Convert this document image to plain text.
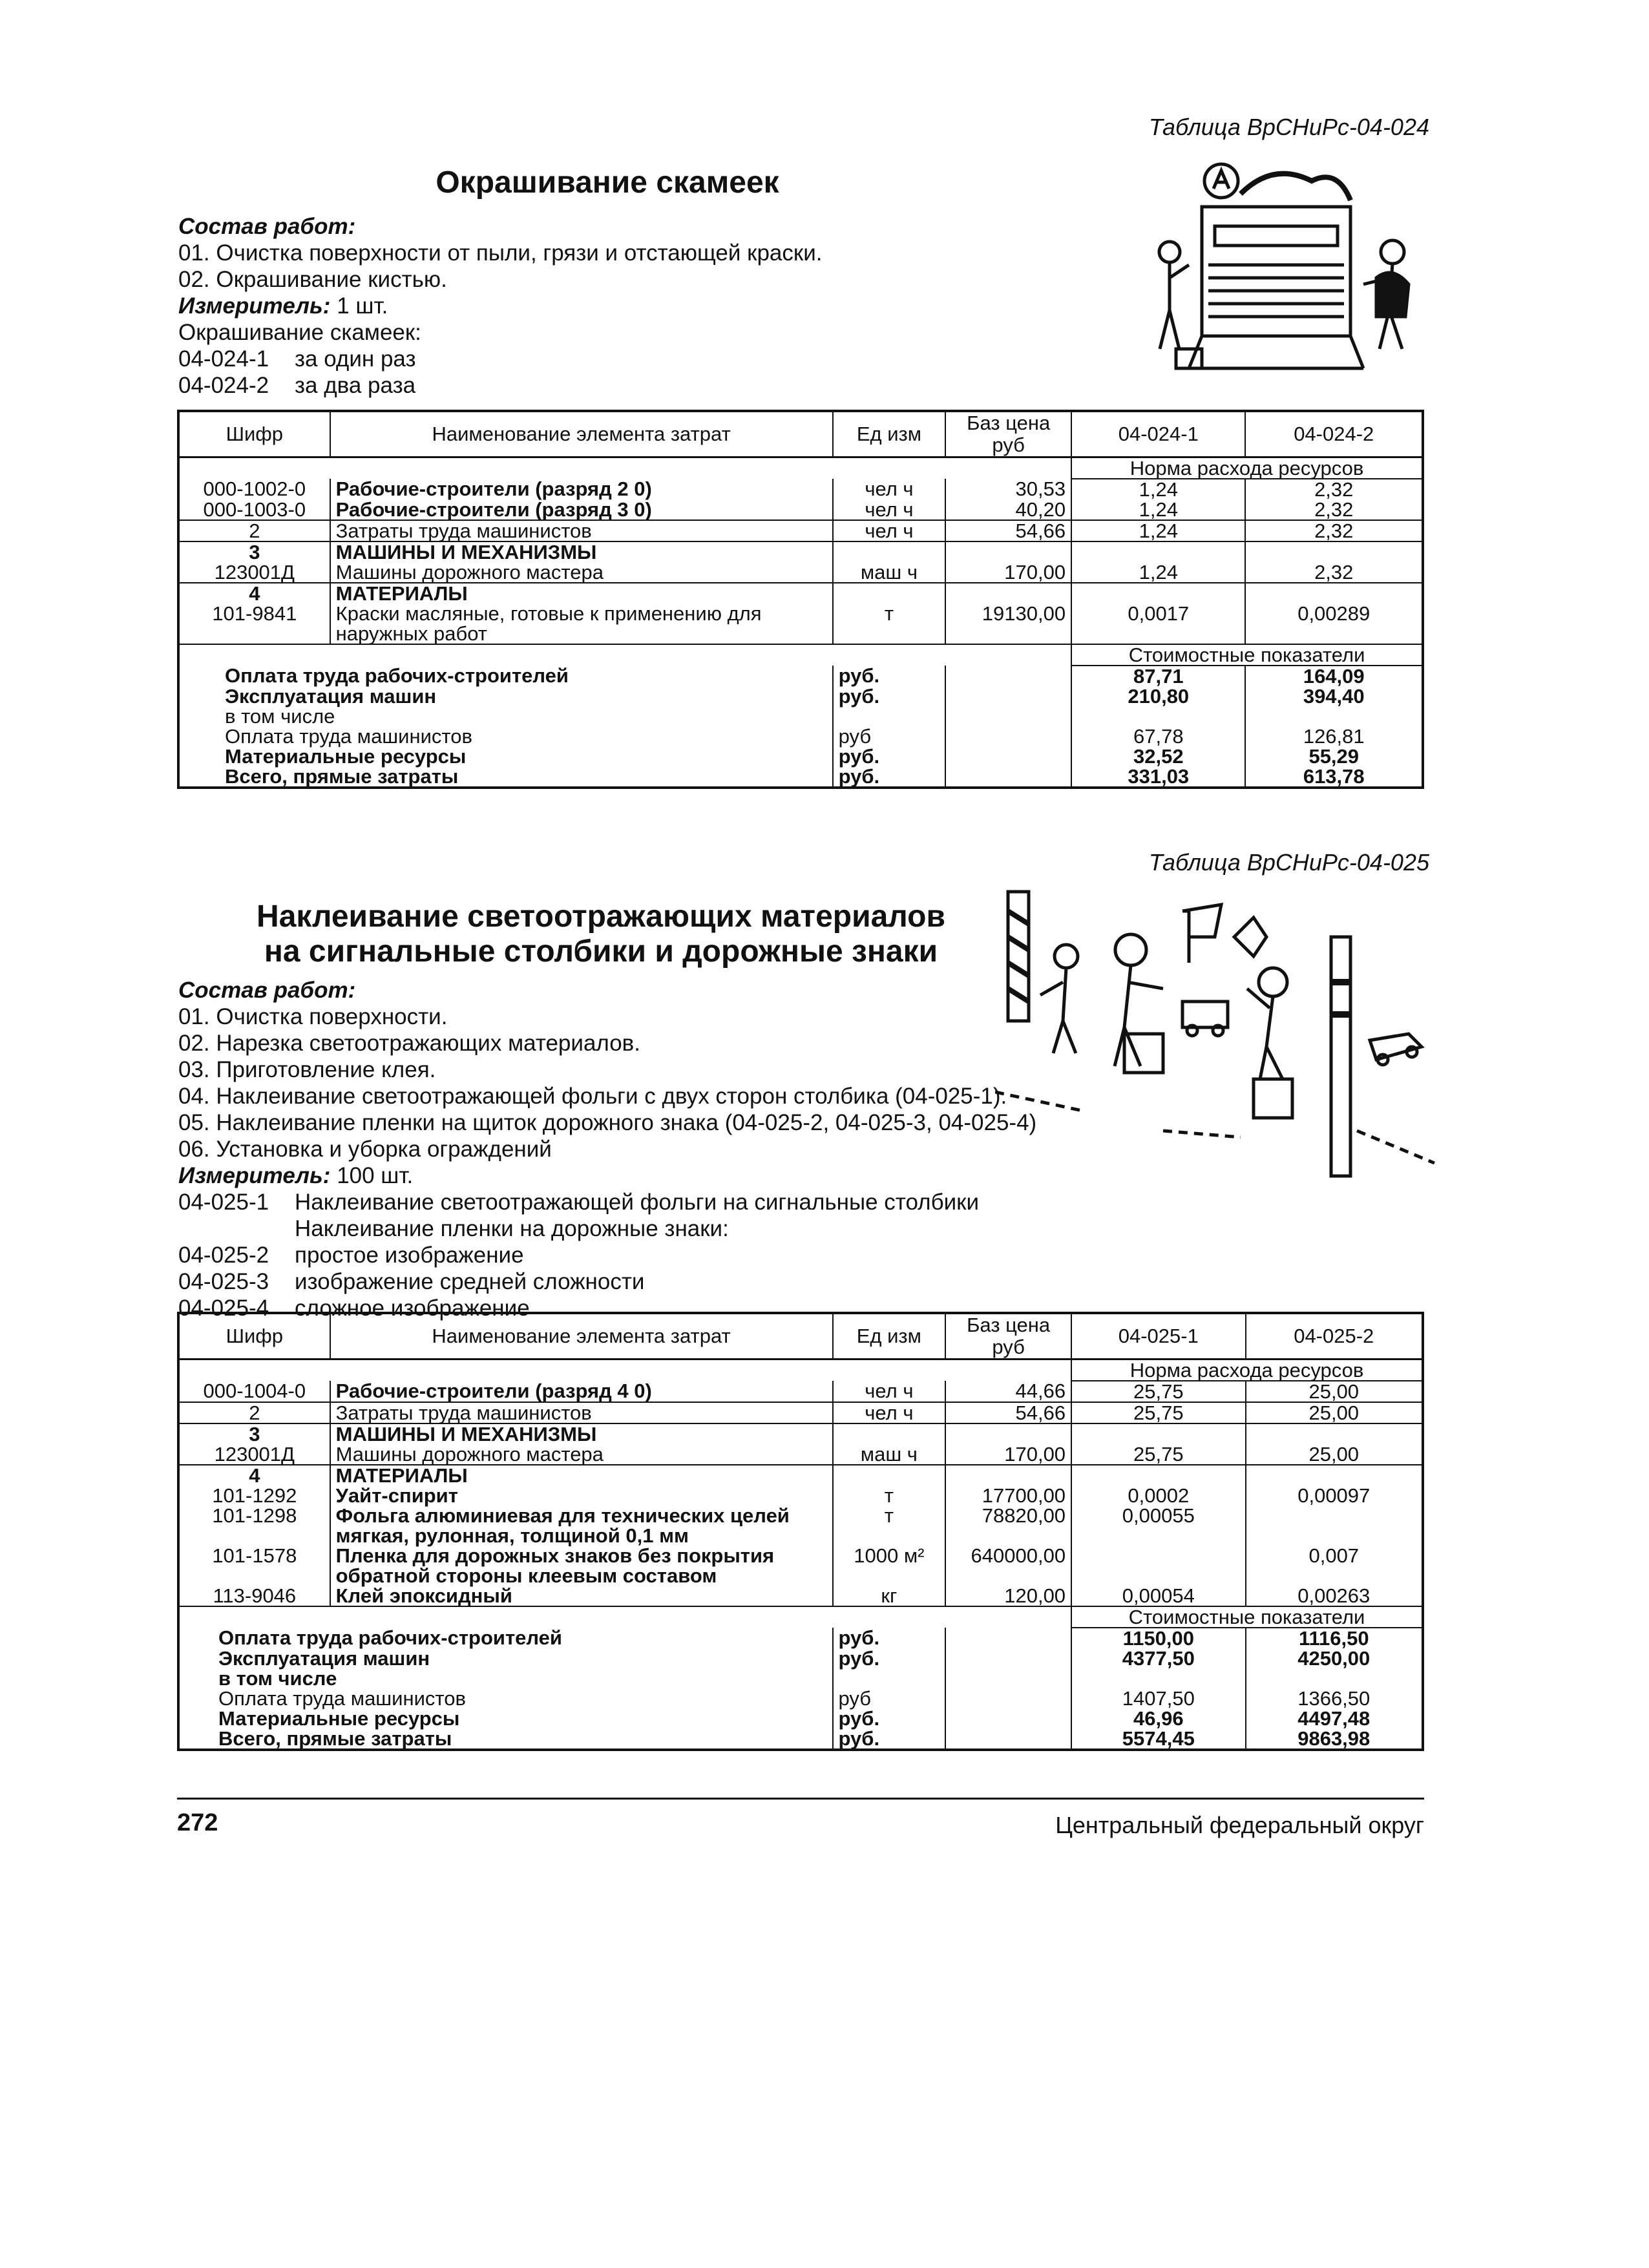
Таблица ВрСНиРс-04-024
Окрашивание скамеек
Состав работ:
01. Очистка поверхности от пыли, грязи и отстающей краски.
02. Окрашивание кистью.
Измеритель: 1 шт.
Окрашивание скамеек:
04-024-1 за один раз
04-024-2 за два раза
Шифр	Наименование элемента затрат	Ед изм	Баз цена руб	04-024-1	04-024-2
				Норма расхода ресурсов	
000-1002-0	Рабочие-строители (разряд 2 0)	чел ч	30,53	1,24	2,32
000-1003-0	Рабочие-строители (разряд 3 0)	чел ч	40,20	1,24	2,32
2	Затраты труда машинистов	чел ч	54,66	1,24	2,32
3	МАШИНЫ И МЕХАНИЗМЫ				
123001Д	Машины дорожного мастера	маш ч	170,00	1,24	2,32
4	МАТЕРИАЛЫ				
101-9841	Краски масляные, готовые к применению для
наружных работ	т	19130,00	0,0017	0,00289
				Стоимостные показатели	
Оплата труда рабочих-строителей		руб.		87,71	164,09
Эксплуатация машин		руб.		210,80	394,40
в том числе					
Оплата труда машинистов		руб		67,78	126,81
Материальные ресурсы		руб.		32,52	55,29
Всего, прямые затраты		руб.		331,03	613,78
Таблица ВрСНиРс-04-025
Наклеивание светоотражающих материалов
на сигнальные столбики и дорожные знаки
Состав работ:
01. Очистка поверхности.
02. Нарезка светоотражающих материалов.
03. Приготовление клея.
04. Наклеивание светоотражающей фольги с двух сторон столбика (04-025-1).
05. Наклеивание пленки на щиток дорожного знака (04-025-2, 04-025-3, 04-025-4)
06. Установка и уборка ограждений
Измеритель: 100 шт.
04-025-1 Наклеивание светоотражающей фольги на сигнальные столбики
Наклеивание пленки на дорожные знаки:
04-025-2 простое изображение
04-025-3 изображение средней сложности
04-025-4 сложное изображение
Шифр	Наименование элемента затрат	Ед изм	Баз цена руб	04-025-1	04-025-2
				Норма расхода ресурсов	
000-1004-0	Рабочие-строители (разряд 4 0)	чел ч	44,66	25,75	25,00
2	Затраты труда машинистов	чел ч	54,66	25,75	25,00
3	МАШИНЫ И МЕХАНИЗМЫ				
123001Д	Машины дорожного мастера	маш ч	170,00	25,75	25,00
4	МАТЕРИАЛЫ				
101-1292	Уайт-спирит	т	17700,00	0,0002	0,00097
101-1298	Фольга алюминиевая для технических целей
мягкая, рулонная, толщиной 0,1 мм	т	78820,00	0,00055	
101-1578	Пленка для дорожных знаков без покрытия
обратной стороны клеевым составом	1000 м²	640000,00		0,007
113-9046	Клей эпоксидный	кг	120,00	0,00054	0,00263
				Стоимостные показатели	
Оплата труда рабочих-строителей		руб.		1150,00	1116,50
Эксплуатация машин		руб.		4377,50	4250,00
в том числе					
Оплата труда машинистов		руб		1407,50	1366,50
Материальные ресурсы		руб.		46,96	4497,48
Всего, прямые затраты		руб.		5574,45	9863,98
272	Центральный федеральный округ
